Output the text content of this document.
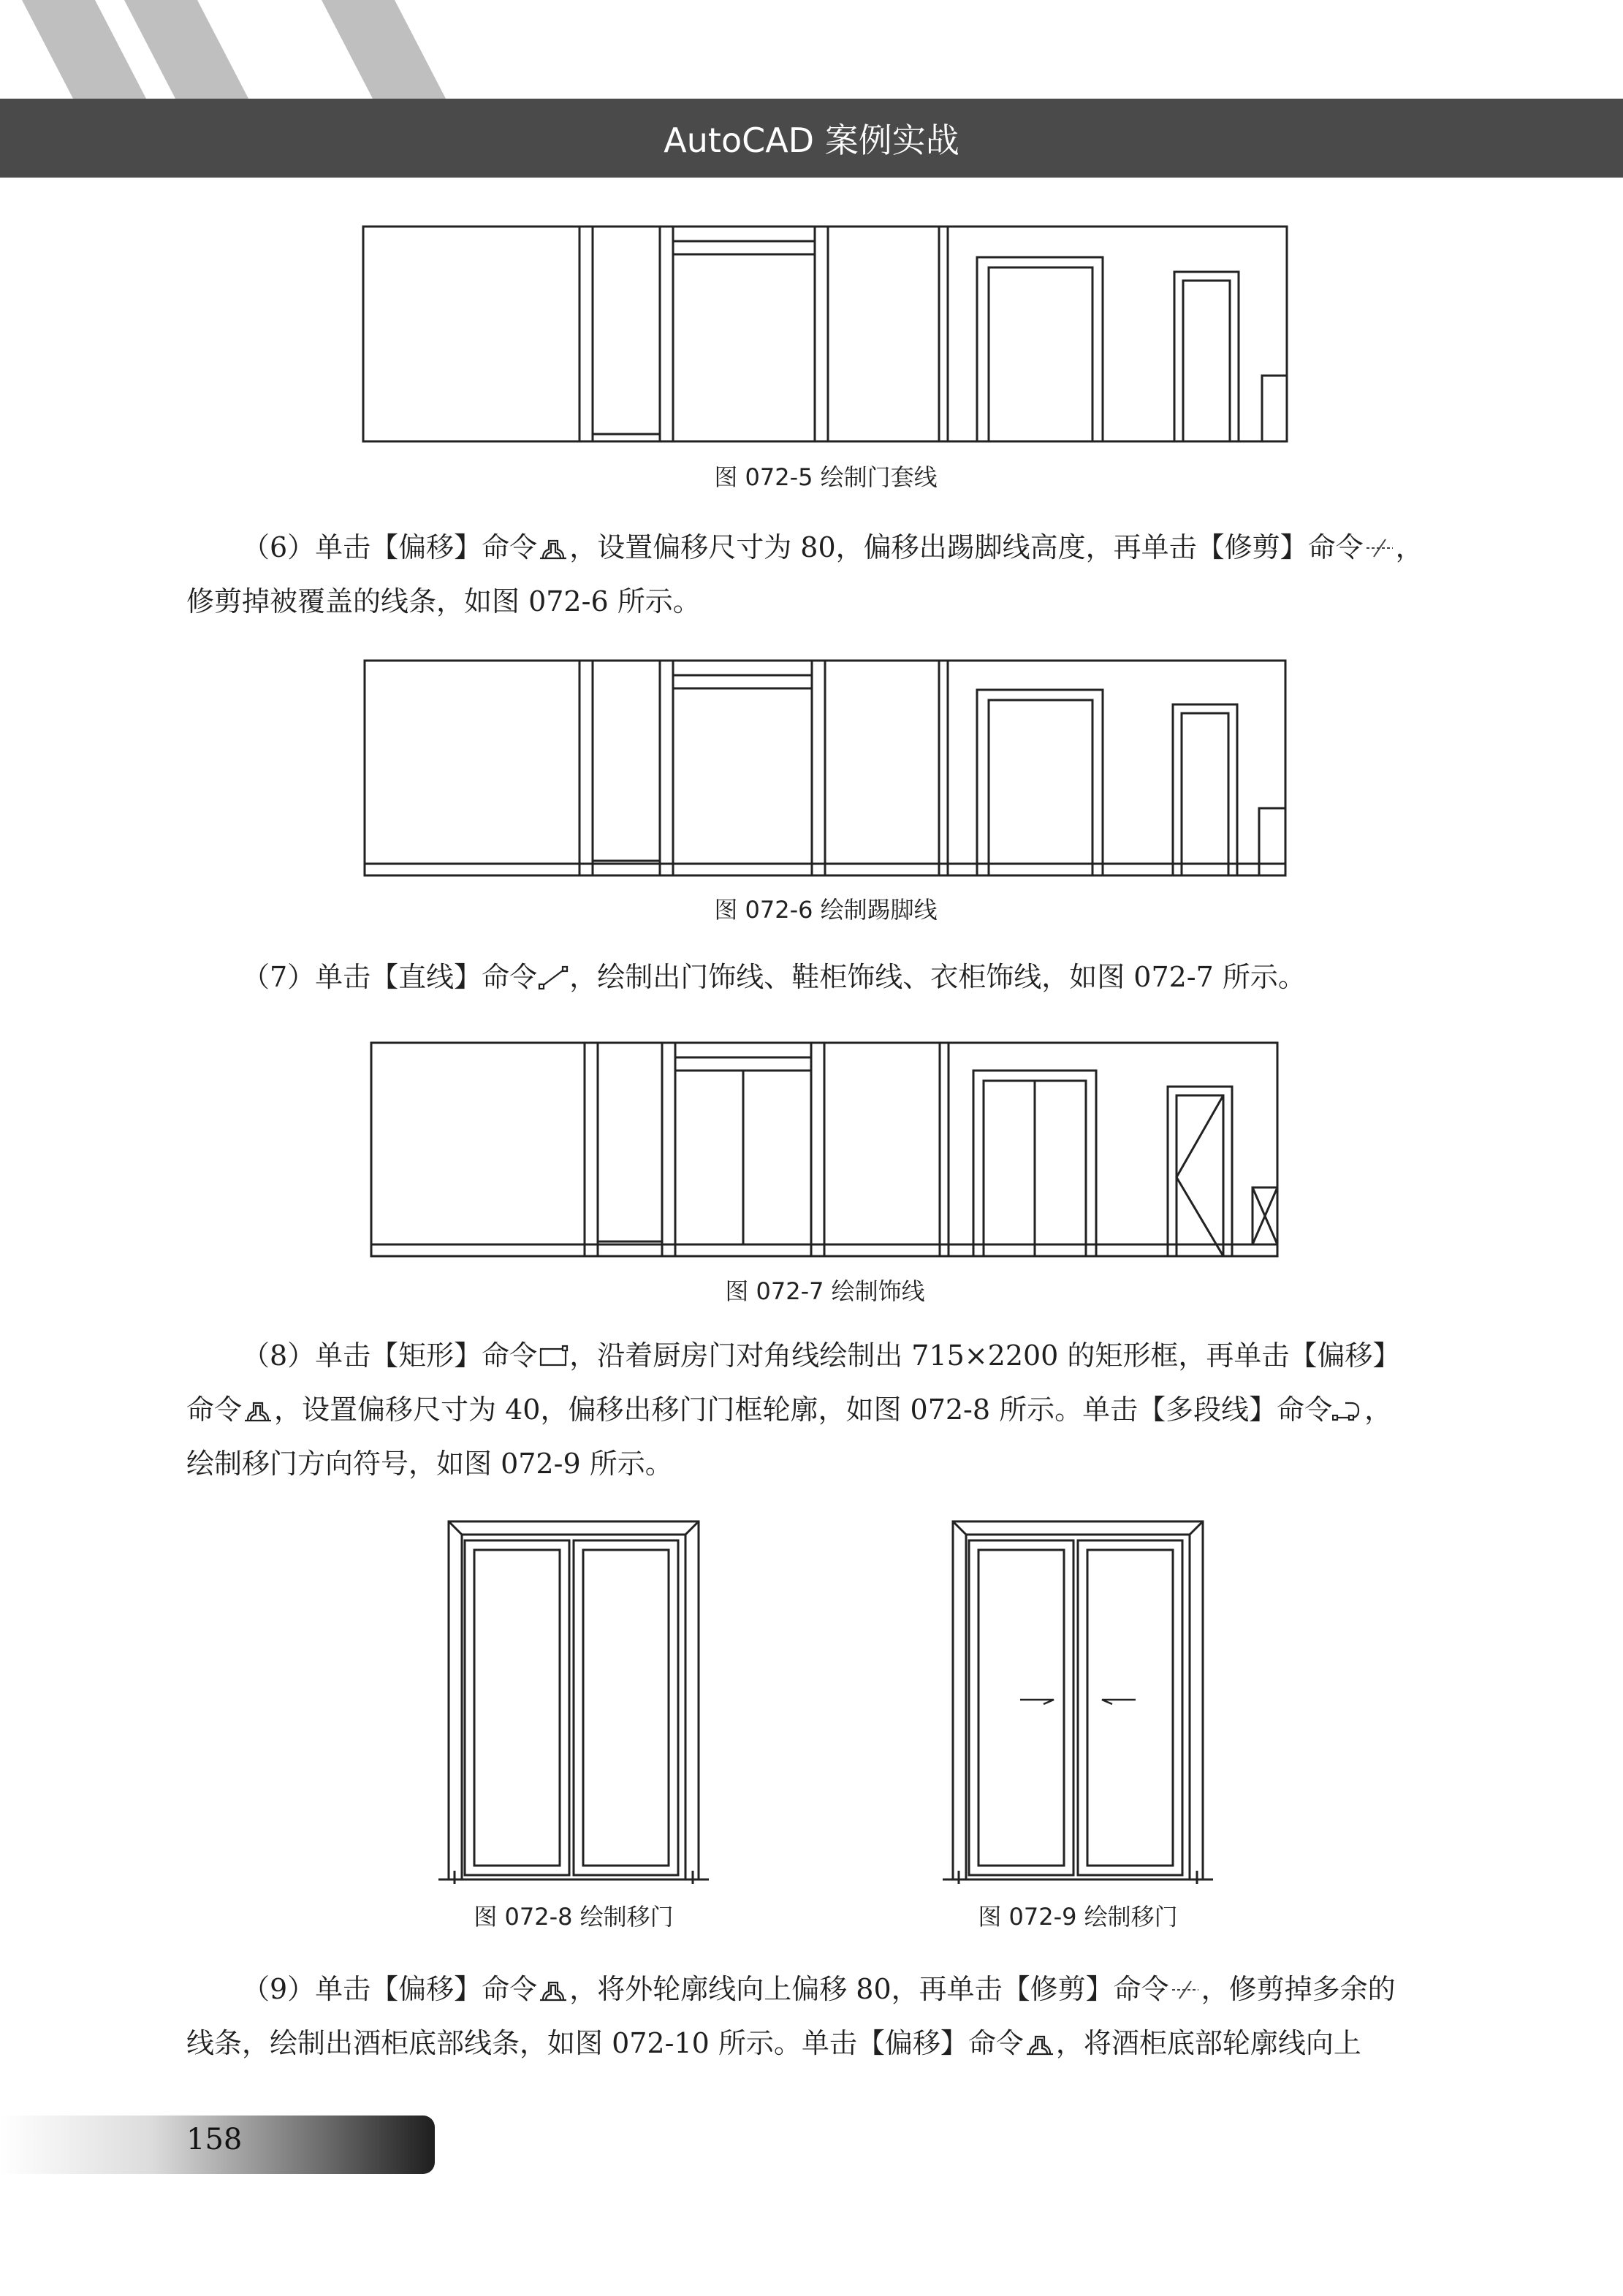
AutoCAD 案例实战
图 072-5 绘制门套线
（6）单击【偏移】命令 ，设置偏移尺寸为 80，偏移出踢脚线高度，再单击【修剪】命令 ，
修剪掉被覆盖的线条，如图 072-6 所示。
图 072-6 绘制踢脚线
（7）单击【直线】命令 ，绘制出门饰线、鞋柜饰线、衣柜饰线，如图 072-7 所示。
图 072-7 绘制饰线
（8）单击【矩形】命令 ，沿着厨房门对角线绘制出 715×2200 的矩形框，再单击【偏移】
命令 ，设置偏移尺寸为 40，偏移出移门门框轮廓，如图 072-8 所示。单击【多段线】命令 ，
绘制移门方向符号，如图 072-9 所示。
图 072-8 绘制移门	图 072-9 绘制移门
（9）单击【偏移】命令 ，将外轮廓线向上偏移 80，再单击【修剪】命令 ，修剪掉多余的
线条，绘制出酒柜底部线条，如图 072-10 所示。单击【偏移】命令 ，将酒柜底部轮廓线向上
158
